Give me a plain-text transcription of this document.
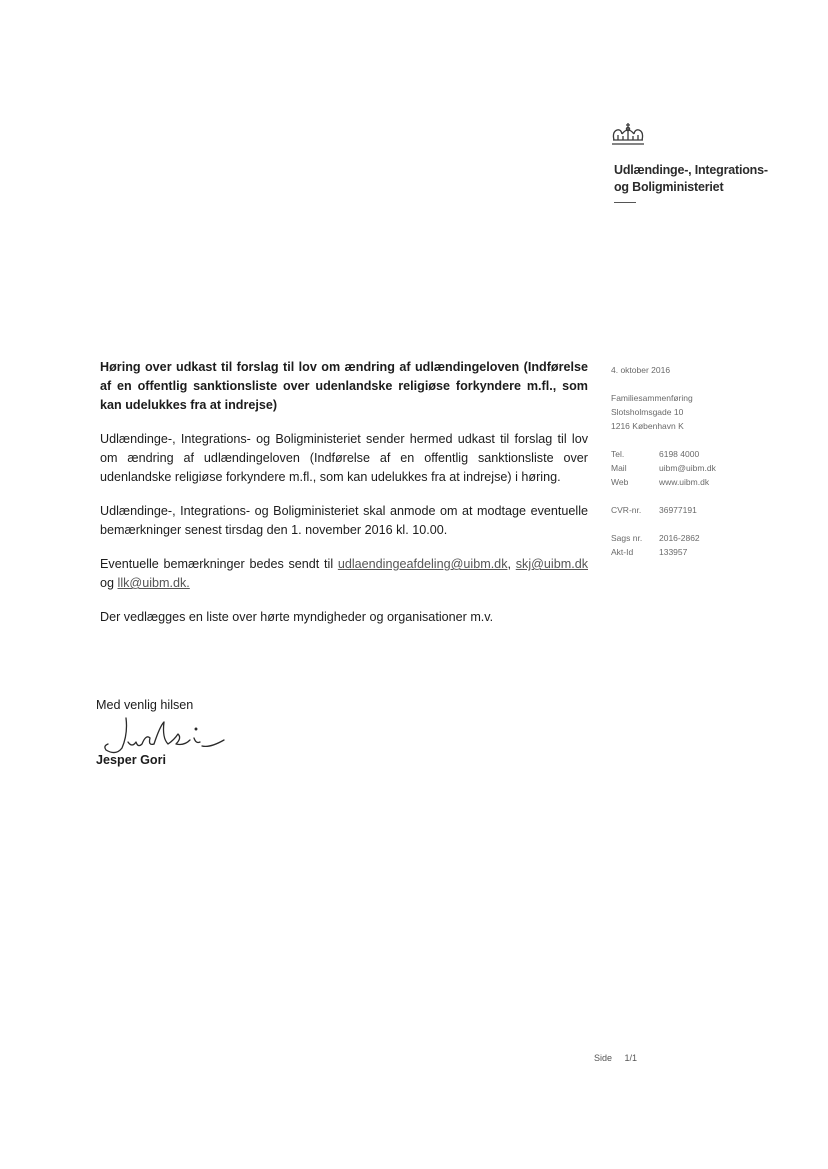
Udlændinge-, Integrations-
og Boligministeriet

Høring over udkast til forslag til lov om ændring af udlændingeloven (Indførelse af en offentlig sanktionsliste over udenlandske religiøse forkyndere m.fl., som kan udelukkes fra at indrejse)

Udlændinge-, Integrations- og Boligministeriet sender hermed udkast til forslag til lov om ændring af udlændingeloven (Indførelse af en offentlig sanktionsliste over udenlandske religiøse forkyndere m.fl., som kan udelukkes fra at indrejse) i høring.

Udlændinge-, Integrations- og Boligministeriet skal anmode om at modtage eventuelle bemærkninger senest tirsdag den 1. november 2016 kl. 10.00.

Eventuelle bemærkninger bedes sendt til udlaendingeafdeling@uibm.dk, skj@uibm.dk og llk@uibm.dk.

Der vedlægges en liste over hørte myndigheder og organisationer m.v.

Med venlig hilsen
Jesper Gori
4. oktober 2016
Familiesammenføring
Slotsholmsgade 10
1216 København K
Tel.	6198 4000
Mail	uibm@uibm.dk
Web	www.uibm.dk
CVR-nr.	36977191
Sags nr.	2016-2862
Akt-Id	133957
Side 1/1
